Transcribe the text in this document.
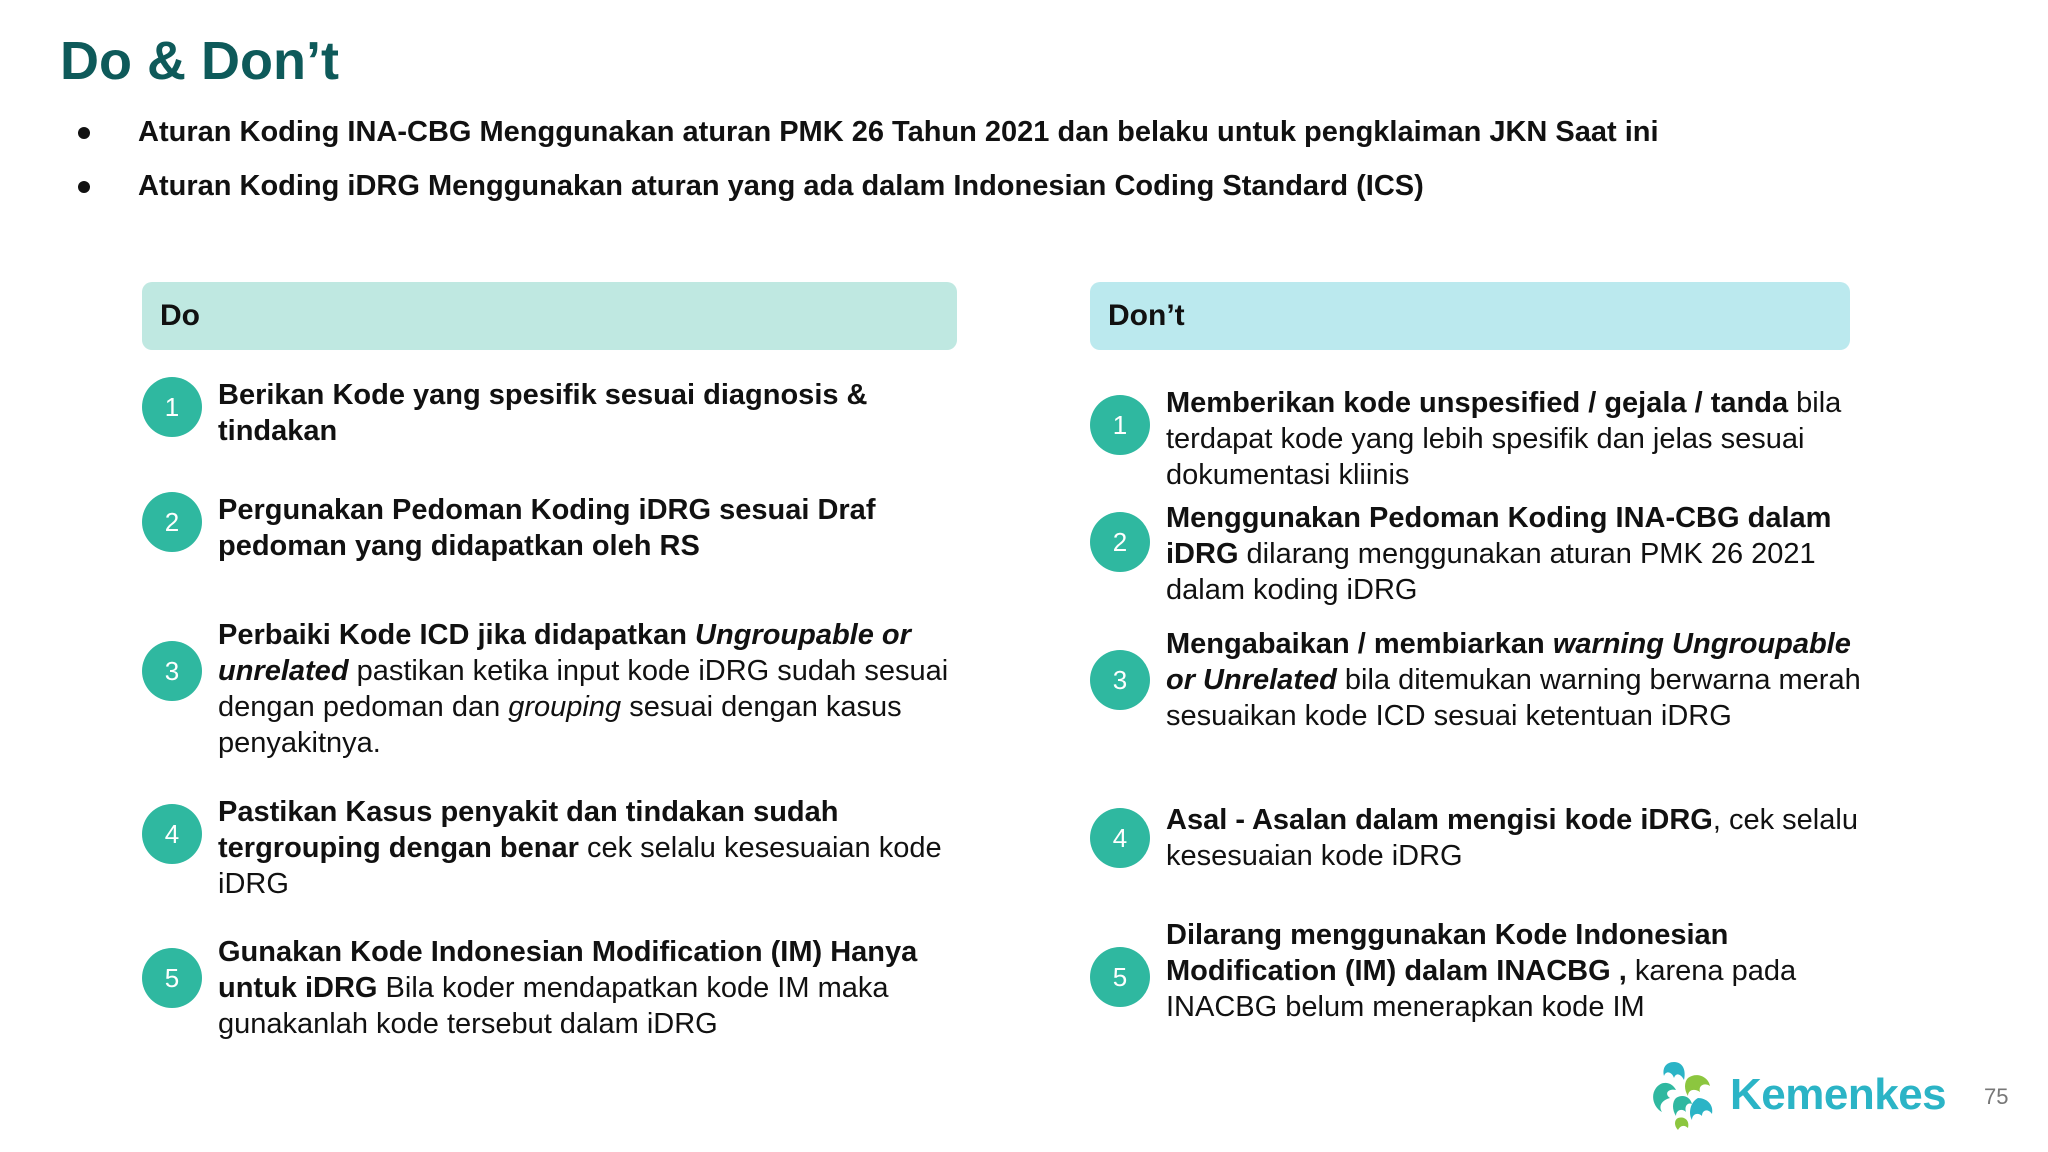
Do & Don’t
Aturan Koding INA-CBG Menggunakan aturan PMK 26 Tahun 2021 dan belaku untuk pengklaiman JKN Saat ini
Aturan Koding iDRG Menggunakan aturan yang ada dalam Indonesian Coding Standard (ICS)
Do
1	Berikan Kode yang spesifik sesuai diagnosis & tindakan
2	Pergunakan Pedoman Koding iDRG sesuai Draf pedoman yang didapatkan oleh RS
3
Perbaiki Kode ICD jika didapatkan Ungroupable or unrelated pastikan ketika input kode iDRG sudah sesuai dengan pedoman dan grouping sesuai dengan kasus penyakitnya.
4
Pastikan Kasus penyakit dan tindakan sudah tergrouping dengan benar cek selalu kesesuaian kode iDRG
5
Gunakan Kode Indonesian Modification (IM) Hanya untuk iDRG Bila koder mendapatkan kode IM maka gunakanlah kode tersebut dalam iDRG
Don’t
1
Memberikan kode unspesified / gejala / tanda bila terdapat kode yang lebih spesifik dan jelas sesuai dokumentasi kliinis
2
Menggunakan Pedoman Koding INA-CBG dalam iDRG dilarang menggunakan aturan PMK 26 2021 dalam koding iDRG
3
Mengabaikan / membiarkan warning Ungroupable or Unrelated bila ditemukan warning berwarna merah sesuaikan kode ICD sesuai ketentuan iDRG
4
Asal - Asalan dalam mengisi kode iDRG, cek selalu kesesuaian kode iDRG
5
Dilarang menggunakan Kode Indonesian Modification (IM) dalam INACBG , karena pada INACBG belum menerapkan kode IM
Kemenkes 75
